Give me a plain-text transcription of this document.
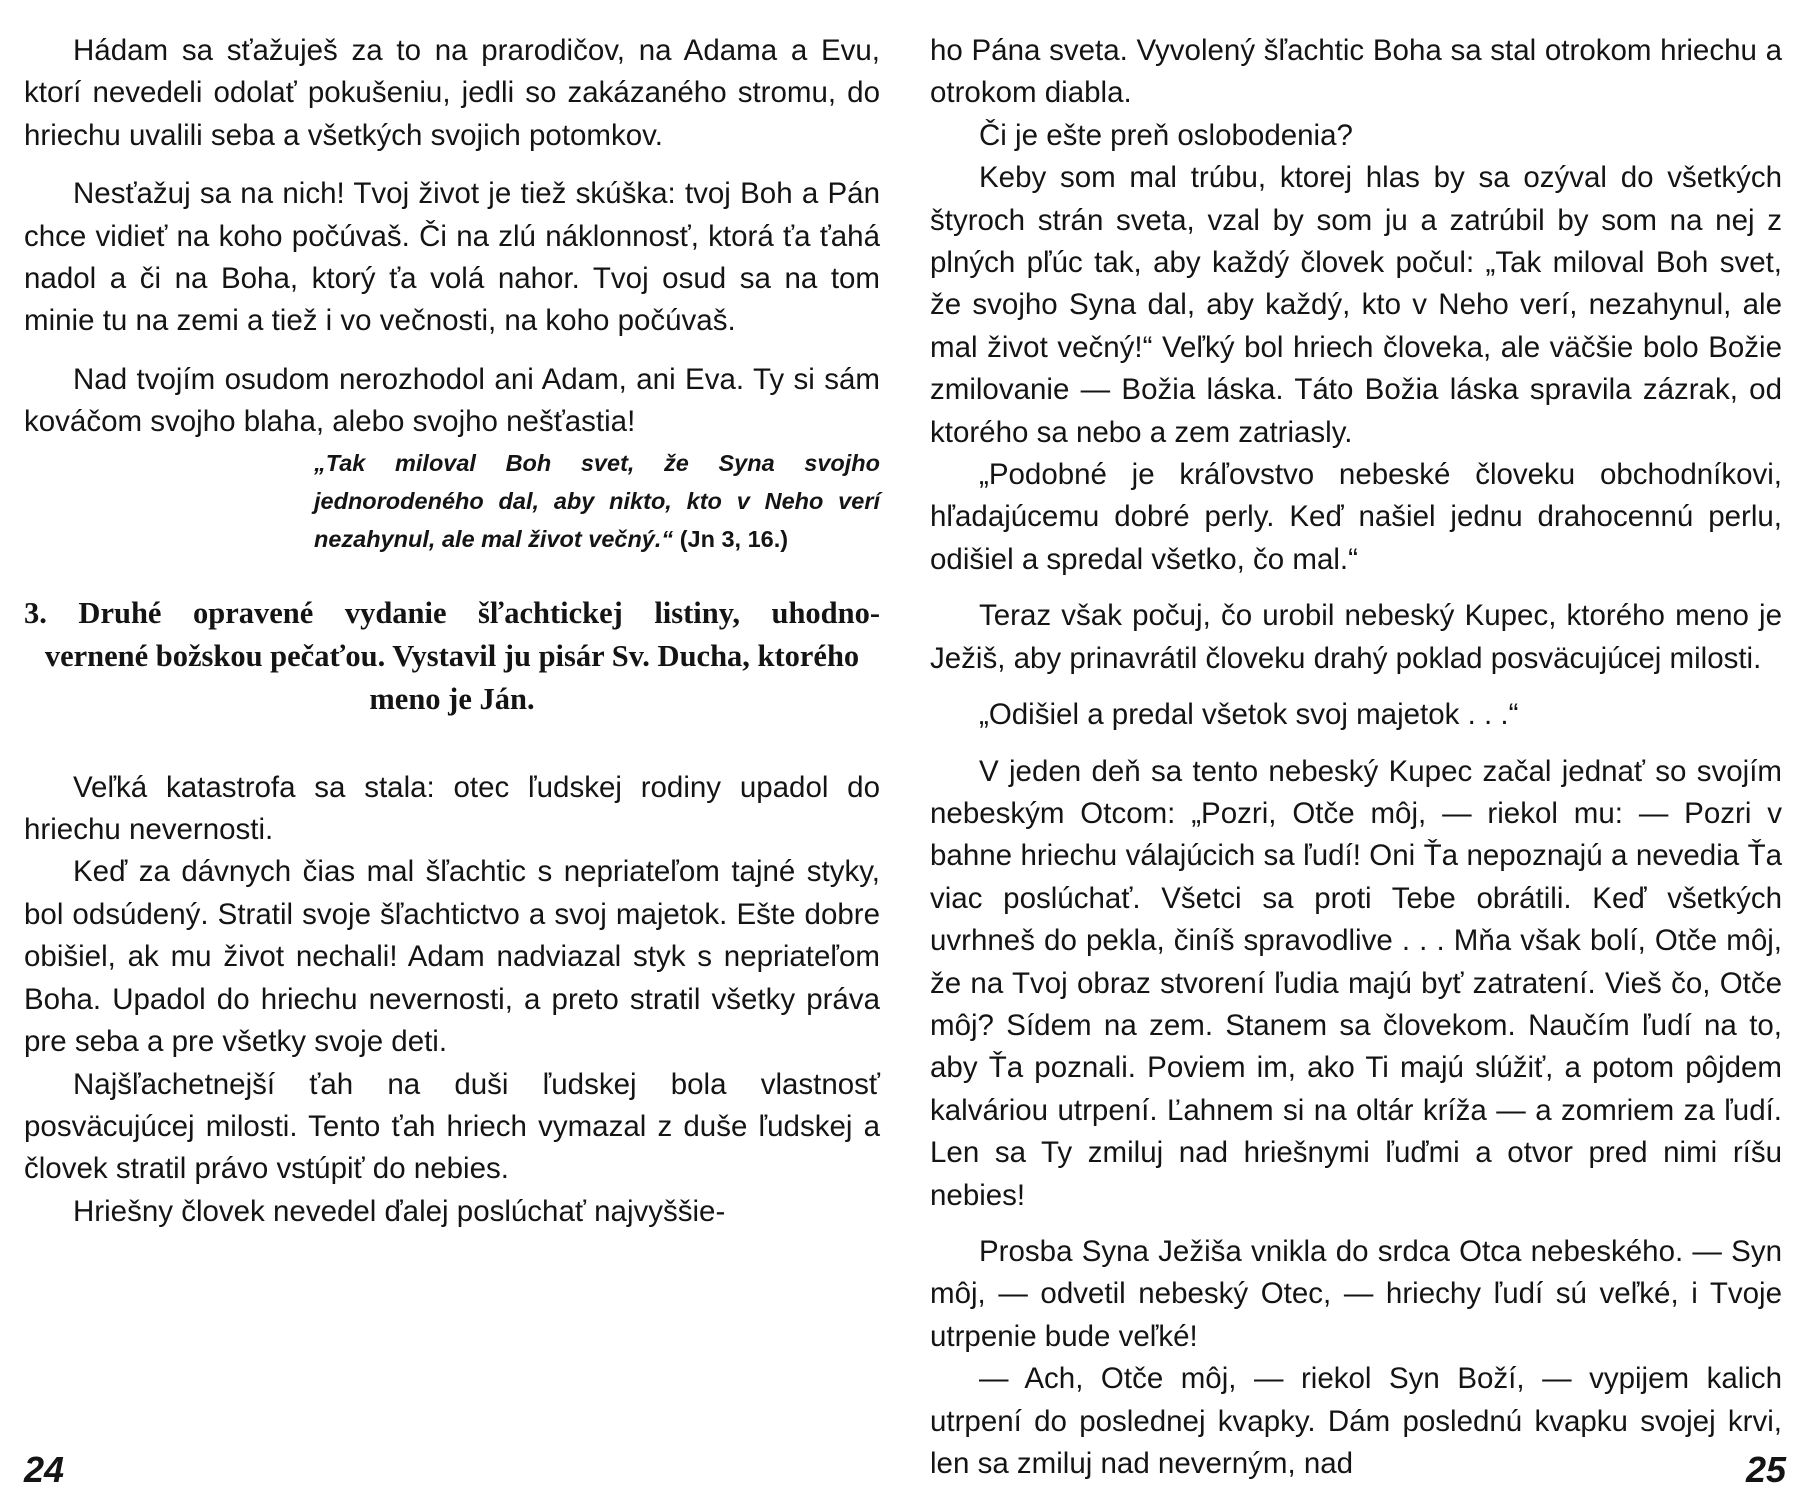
Hádam sa sťažuješ za to na prarodičov, na Adama a Evu, ktorí nevedeli odolať pokušeniu, jedli so zakázaného stromu, do hriechu uvalili seba a všetkých svojich potomkov.

Nesťažuj sa na nich! Tvoj život je tiež skúška: tvoj Boh a Pán chce vidieť na koho počúvaš. Či na zlú náklonnosť, ktorá ťa ťahá nadol a či na Boha, ktorý ťa volá nahor. Tvoj osud sa na tom minie tu na zemi a tiež i vo večnosti, na koho počúvaš.

Nad tvojím osudom nerozhodol ani Adam, ani Eva. Ty si sám kováčom svojho blaha, alebo svojho nešťastia!

„Tak miloval Boh svet, že Syna svojho jednorodeného dal, aby nikto, kto v Neho verí nezahynul, ale mal život večný.“ (Jn 3, 16.)
3. Druhé opravené vydanie šľachtickej listiny, uhodno-
vernené božskou pečaťou. Vystavil ju pisár Sv. Ducha, ktorého meno je Ján.

Veľká katastrofa sa stala: otec ľudskej rodiny upadol do hriechu nevernosti.

Keď za dávnych čias mal šľachtic s nepriateľom tajné styky, bol odsúdený. Stratil svoje šľachtictvo a svoj majetok. Ešte dobre obišiel, ak mu život nechali! Adam nadviazal styk s nepriateľom Boha. Upadol do hriechu nevernosti, a preto stratil všetky práva pre seba a pre všetky svoje deti.

Najšľachetnejší ťah na duši ľudskej bola vlastnosť posväcujúcej milosti. Tento ťah hriech vymazal z duše ľudskej a človek stratil právo vstúpiť do nebies.

Hriešny človek nevedel ďalej poslúchať najvyššie-

24

ho Pána sveta. Vyvolený šľachtic Boha sa stal otrokom hriechu a otrokom diabla.

Či je ešte preň oslobodenia?

Keby som mal trúbu, ktorej hlas by sa ozýval do všetkých štyroch strán sveta, vzal by som ju a zatrúbil by som na nej z plných pľúc tak, aby každý človek počul: „Tak miloval Boh svet, že svojho Syna dal, aby každý, kto v Neho verí, nezahynul, ale mal život večný!“ Veľký bol hriech človeka, ale väčšie bolo Božie zmilovanie — Božia láska. Táto Božia láska spravila zázrak, od ktorého sa nebo a zem zatriasly.

„Podobné je kráľovstvo nebeské človeku obchodníkovi, hľadajúcemu dobré perly. Keď našiel jednu drahocennú perlu, odišiel a spredal všetko, čo mal.“

Teraz však počuj, čo urobil nebeský Kupec, ktorého meno je Ježiš, aby prinavrátil človeku drahý poklad posväcujúcej milosti.

„Odišiel a predal všetok svoj majetok . . .“

V jeden deň sa tento nebeský Kupec začal jednať so svojím nebeským Otcom: „Pozri, Otče môj, — riekol mu: — Pozri v bahne hriechu válajúcich sa ľudí! Oni Ťa nepoznajú a nevedia Ťa viac poslúchať. Všetci sa proti Tebe obrátili. Keď všetkých uvrhneš do pekla, činíš spravodlive . . . Mňa však bolí, Otče môj, že na Tvoj obraz stvorení ľudia majú byť zatratení. Vieš čo, Otče môj? Sídem na zem. Stanem sa človekom. Naučím ľudí na to, aby Ťa poznali. Poviem im, ako Ti majú slúžiť, a potom pôjdem kalváriou utrpení. Ľahnem si na oltár kríža — a zomriem za ľudí. Len sa Ty zmiluj nad hriešnymi ľuďmi a otvor pred nimi ríšu nebies!

Prosba Syna Ježiša vnikla do srdca Otca nebeského. — Syn môj, — odvetil nebeský Otec, — hriechy ľudí sú veľké, i Tvoje utrpenie bude veľké!

— Ach, Otče môj, — riekol Syn Boží, — vypijem kalich utrpení do poslednej kvapky. Dám poslednú kvapku svojej krvi, len sa zmiluj nad neverným, nad	25
